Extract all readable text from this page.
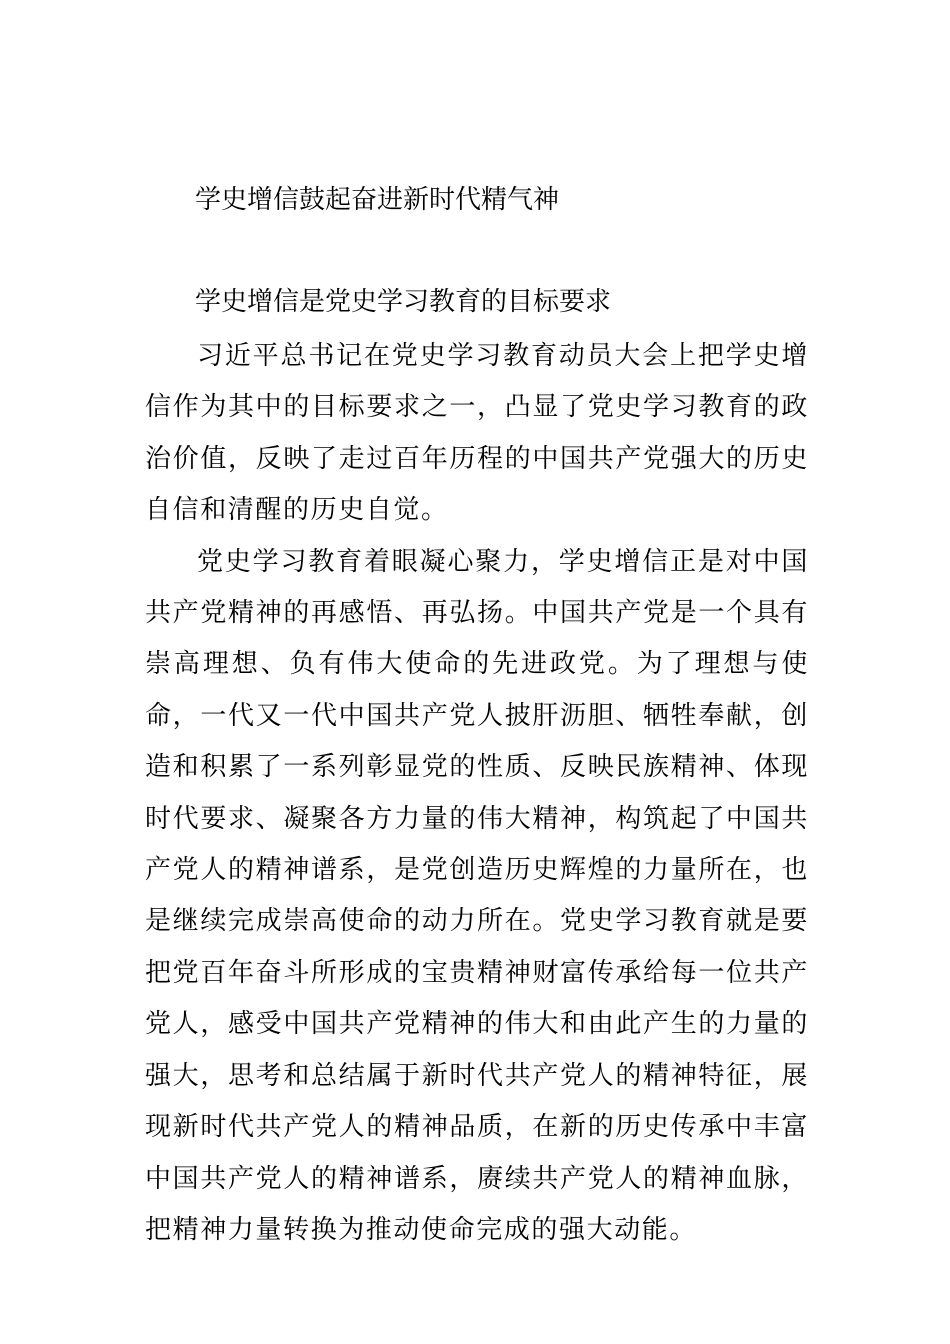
学史增信鼓起奋进新时代精气神
学史增信是党史学习教育的目标要求

习近平总书记在党史学习教育动员大会上把学史增信作为其中的目标要求之一，凸显了党史学习教育的政治价值，反映了走过百年历程的中国共产党强大的历史自信和清醒的历史自觉。

党史学习教育着眼凝心聚力，学史增信正是对中国共产党精神的再感悟、再弘扬。中国共产党是一个具有崇高理想、负有伟大使命的先进政党。为了理想与使命，一代又一代中国共产党人披肝沥胆、牺牲奉献，创造和积累了一系列彰显党的性质、反映民族精神、体现时代要求、凝聚各方力量的伟大精神，构筑起了中国共产党人的精神谱系，是党创造历史辉煌的力量所在，也是继续完成崇高使命的动力所在。党史学习教育就是要把党百年奋斗所形成的宝贵精神财富传承给每一位共产党人，感受中国共产党精神的伟大和由此产生的力量的强大，思考和总结属于新时代共产党人的精神特征，展现新时代共产党人的精神品质，在新的历史传承中丰富中国共产党人的精神谱系，赓续共产党人的精神血脉，把精神力量转换为推动使命完成的强大动能。
